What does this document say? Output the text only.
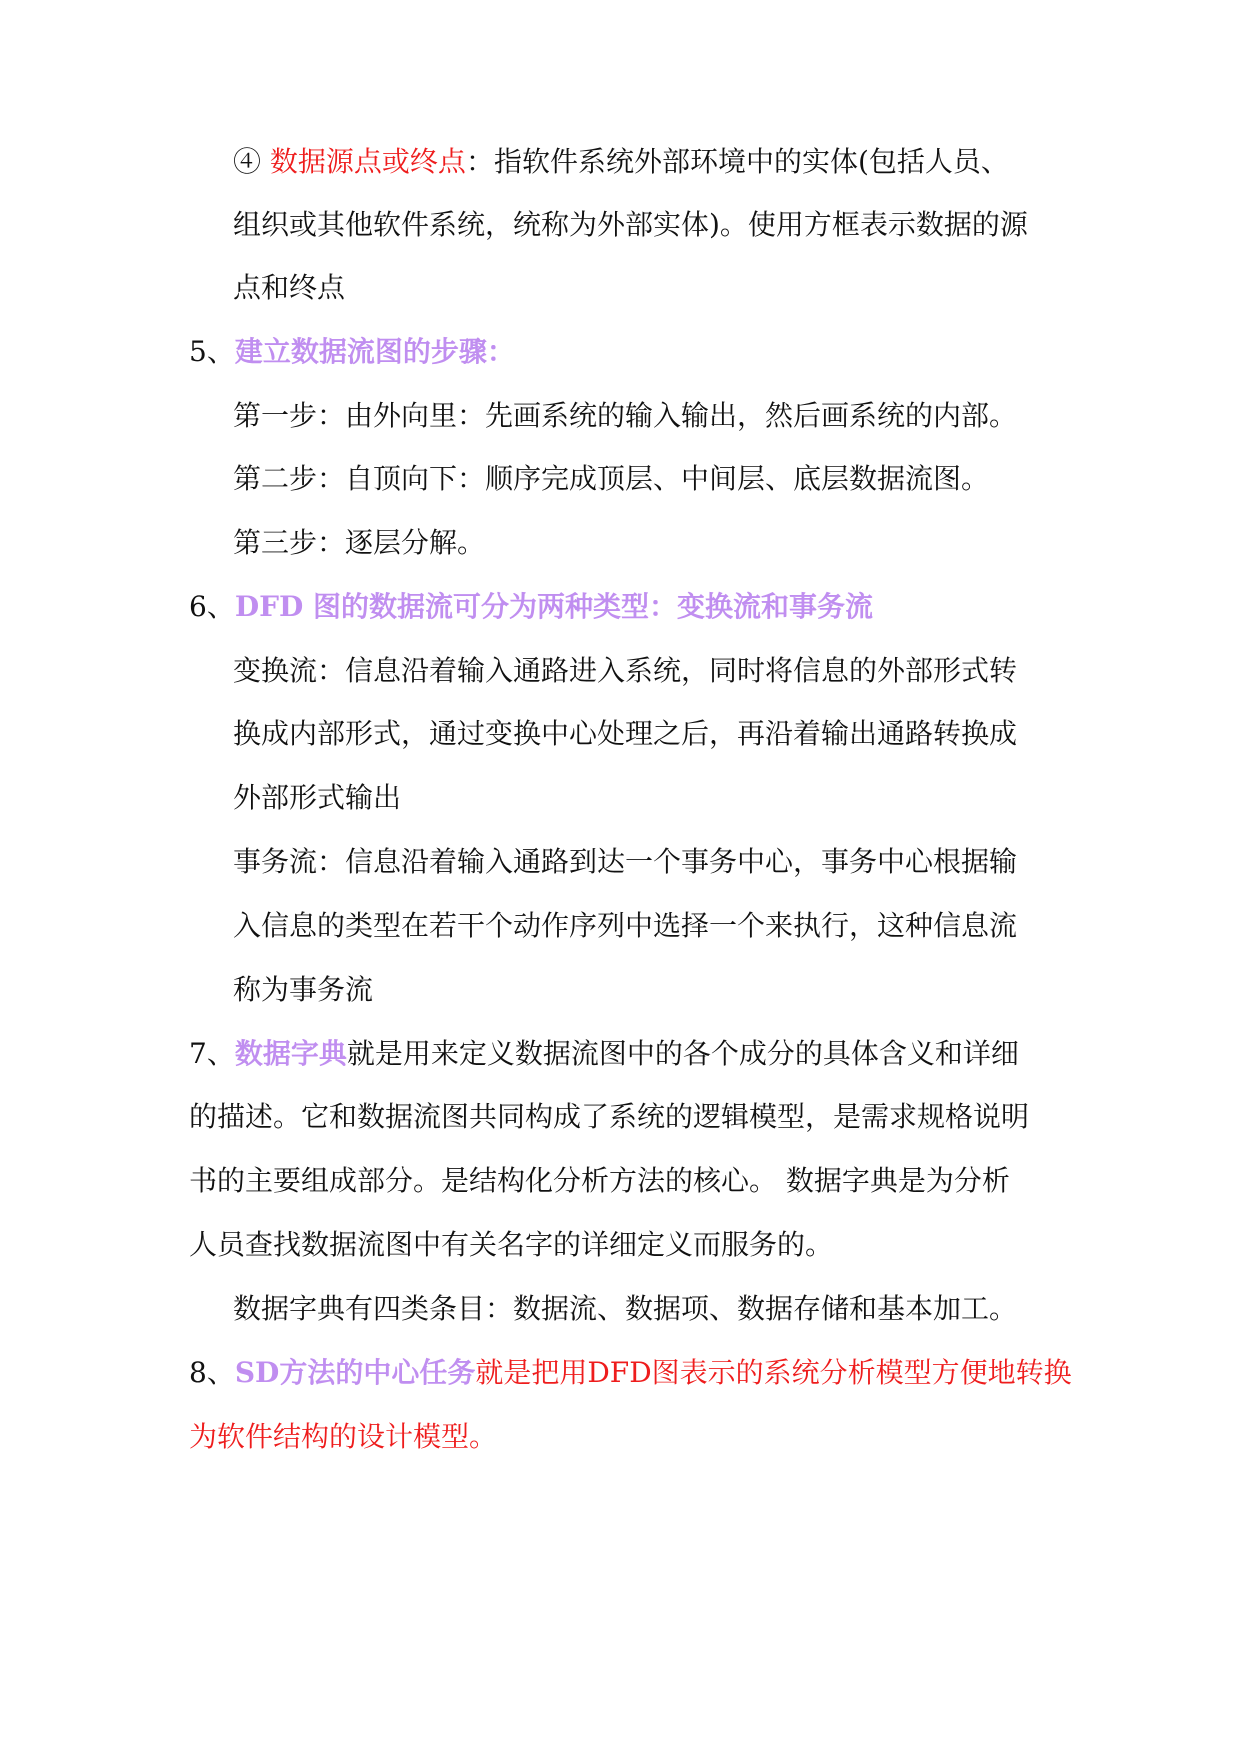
④ 数据源点或终点：指软件系统外部环境中的实体(包括人员、
组织或其他软件系统，统称为外部实体)。使用方框表示数据的源
点和终点
5、建立数据流图的步骤：
第一步：由外向里：先画系统的输入输出，然后画系统的内部。
第二步：自顶向下：顺序完成顶层、中间层、底层数据流图。
第三步：逐层分解。
6、DFD 图的数据流可分为两种类型：变换流和事务流
变换流：信息沿着输入通路进入系统，同时将信息的外部形式转
换成内部形式，通过变换中心处理之后，再沿着输出通路转换成
外部形式输出
事务流：信息沿着输入通路到达一个事务中心，事务中心根据输
入信息的类型在若干个动作序列中选择一个来执行，这种信息流
称为事务流
7、数据字典就是用来定义数据流图中的各个成分的具体含义和详细
的描述。它和数据流图共同构成了系统的逻辑模型，是需求规格说明
书的主要组成部分。是结构化分析方法的核心。 数据字典是为分析
人员查找数据流图中有关名字的详细定义而服务的。
数据字典有四类条目：数据流、数据项、数据存储和基本加工。
8、SD方法的中心任务就是把用DFD图表示的系统分析模型方便地转换
为软件结构的设计模型。
